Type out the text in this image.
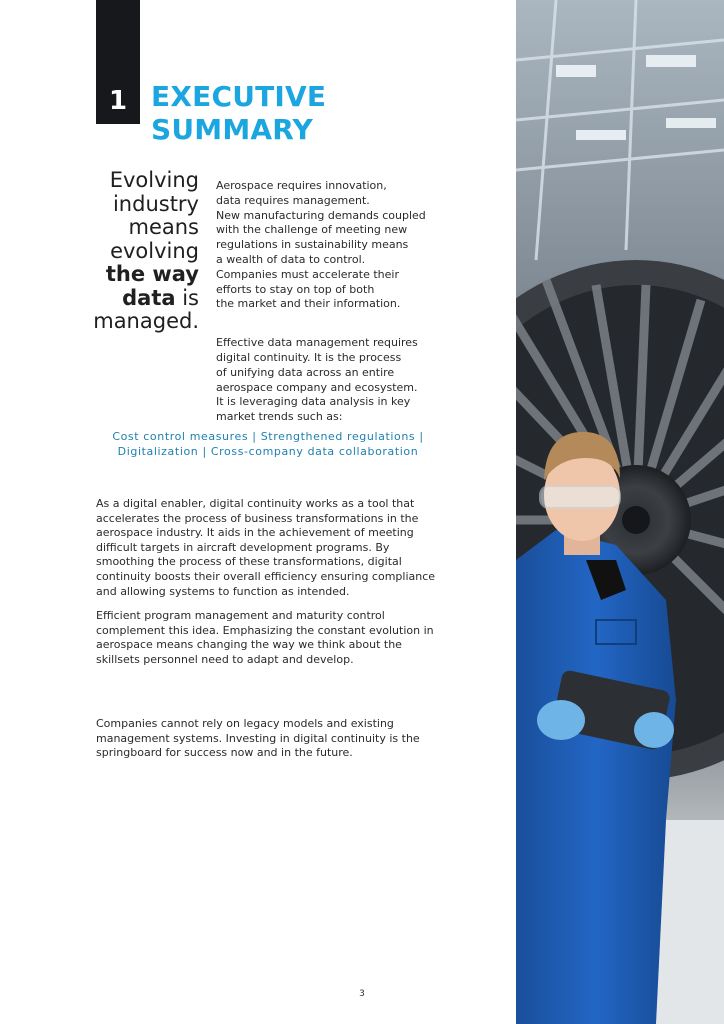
1 EXECUTIVE
SUMMARY
Evolving
industry
means
evolving
the way
data is
managed.

Aerospace requires innovation,
data requires management.
New manufacturing demands coupled
with the challenge of meeting new
regulations in sustainability means
a wealth of data to control.
Companies must accelerate their
efforts to stay on top of both
the market and their information.

Effective data management requires
digital continuity. It is the process
of unifying data across an entire
aerospace company and ecosystem.
It is leveraging data analysis in key
market trends such as:

Cost control measures | Strengthened regulations |
Digitalization | Cross-company data collaboration
As a digital enabler, digital continuity works as a tool that
accelerates the process of business transformations in the
aerospace industry. It aids in the achievement of meeting
difficult targets in aircraft development programs. By
smoothing the process of these transformations, digital
continuity boosts their overall efficiency ensuring compliance
and allowing systems to function as intended.
Efficient program management and maturity control
complement this idea. Emphasizing the constant evolution in
aerospace means changing the way we think about the
skillsets personnel need to adapt and develop.
Companies cannot rely on legacy models and existing
management systems. Investing in digital continuity is the
springboard for success now and in the future.
3
